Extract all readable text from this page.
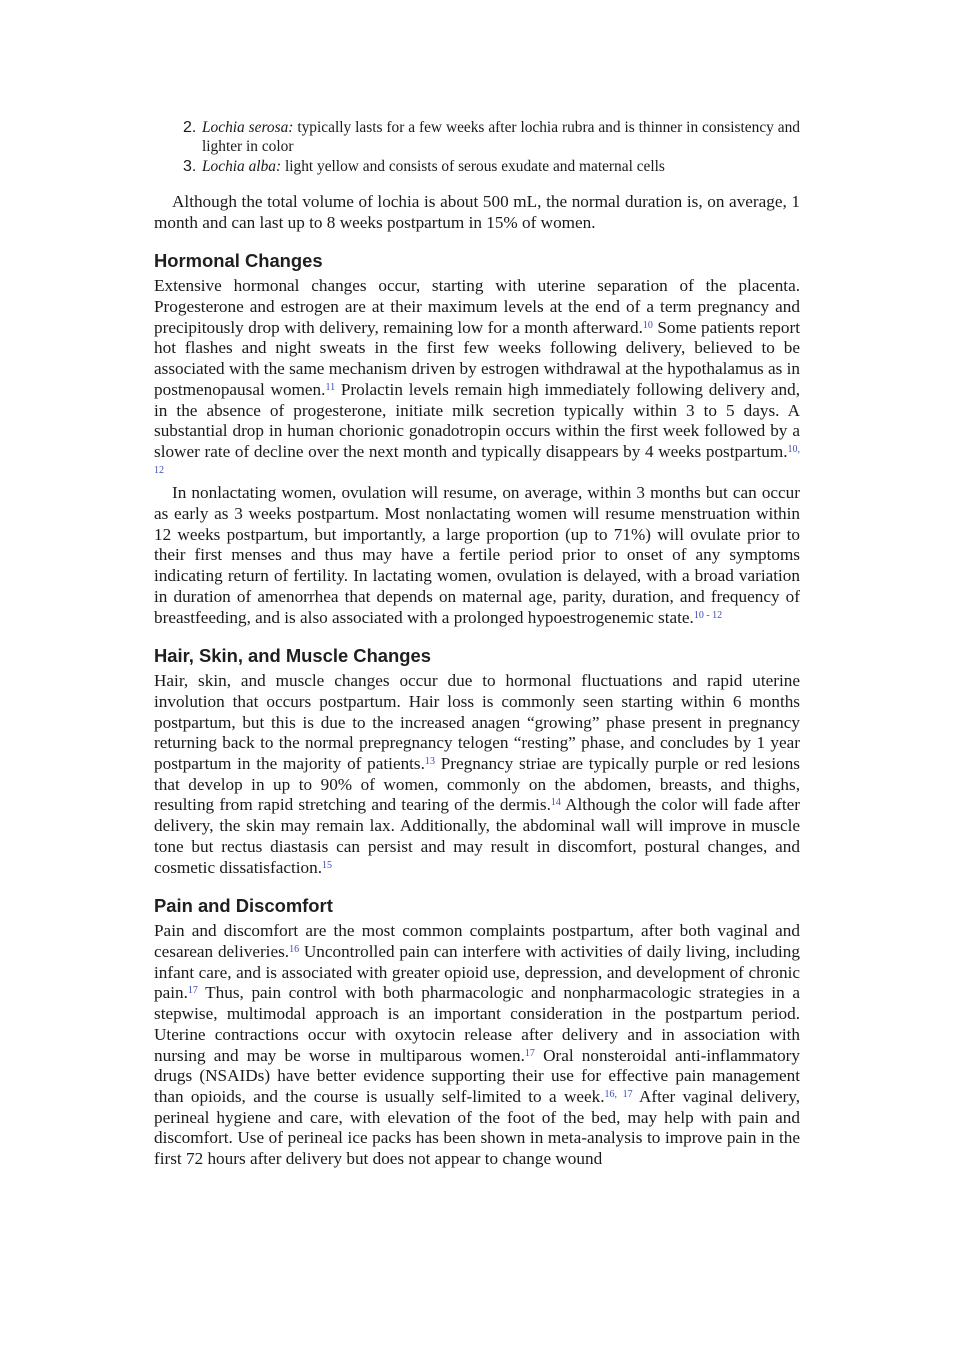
2. Lochia serosa: typically lasts for a few weeks after lochia rubra and is thinner in consistency and lighter in color
3. Lochia alba: light yellow and consists of serous exudate and maternal cells

Although the total volume of lochia is about 500 mL, the normal duration is, on average, 1 month and can last up to 8 weeks postpartum in 15% of women.

Hormonal Changes

Extensive hormonal changes occur, starting with uterine separation of the placenta. Progesterone and estrogen are at their maximum levels at the end of a term pregnancy and precipitously drop with delivery, remaining low for a month afterward.$^{10}$ Some patients report hot flashes and night sweats in the first few weeks following delivery, believed to be associated with the same mechanism driven by estrogen withdrawal at the hypothalamus as in postmenopausal women.$^{11}$ Prolactin levels remain high immediately following delivery and, in the absence of progesterone, initiate milk secretion typically within 3 to 5 days. A substantial drop in human chorionic gonadotropin occurs within the first week followed by a slower rate of decline over the next month and typically disappears by 4 weeks postpartum.$^{10, 12}$

In nonlactating women, ovulation will resume, on average, within 3 months but can occur as early as 3 weeks postpartum. Most nonlactating women will resume menstruation within 12 weeks postpartum, but importantly, a large proportion (up to 71%) will ovulate prior to their first menses and thus may have a fertile period prior to onset of any symptoms indicating return of fertility. In lactating women, ovulation is delayed, with a broad variation in duration of amenorrhea that depends on maternal age, parity, duration, and frequency of breastfeeding, and is also associated with a prolonged hypoestrogenemic state.$^{10 - 12}$

Hair, Skin, and Muscle Changes

Hair, skin, and muscle changes occur due to hormonal fluctuations and rapid uterine involution that occurs postpartum. Hair loss is commonly seen starting within 6 months postpartum, but this is due to the increased anagen “growing” phase present in pregnancy returning back to the normal prepregnancy telogen “resting” phase, and concludes by 1 year postpartum in the majority of patients.$^{13}$ Pregnancy striae are typically purple or red lesions that develop in up to 90% of women, commonly on the abdomen, breasts, and thighs, resulting from rapid stretching and tearing of the dermis.$^{14}$ Although the color will fade after delivery, the skin may remain lax. Additionally, the abdominal wall will improve in muscle tone but rectus diastasis can persist and may result in discomfort, postural changes, and cosmetic dissatisfaction.$^{15}$

Pain and Discomfort

Pain and discomfort are the most common complaints postpartum, after both vaginal and cesarean deliveries.$^{16}$ Uncontrolled pain can interfere with activities of daily living, including infant care, and is associated with greater opioid use, depression, and development of chronic pain.$^{17}$ Thus, pain control with both pharmacologic and nonpharmacologic strategies in a stepwise, multimodal approach is an important consideration in the postpartum period. Uterine contractions occur with oxytocin release after delivery and in association with nursing and may be worse in multiparous women.$^{17}$ Oral nonsteroidal anti-inflammatory drugs (NSAIDs) have better evidence supporting their use for effective pain management than opioids, and the course is usually self-limited to a week.$^{16, 17}$ After vaginal delivery, perineal hygiene and care, with elevation of the foot of the bed, may help with pain and discomfort. Use of perineal ice packs has been shown in meta-analysis to improve pain in the first 72 hours after delivery but does not appear to change wound
